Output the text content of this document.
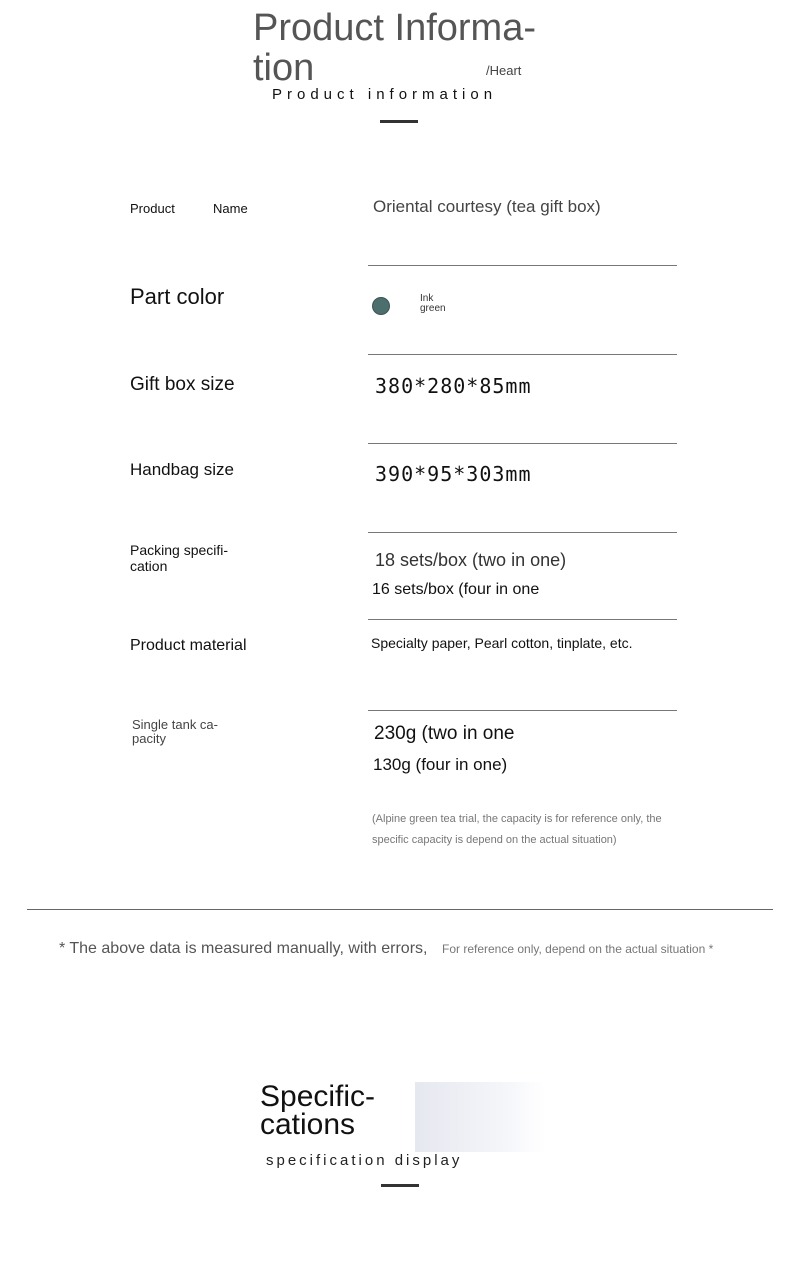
Product Informa- tion	/Heart
Product information
Product	Name	Oriental courtesy (tea gift box)
Part color	Ink green
Gift box size	380*280*85mm
Handbag size	390*95*303mm
Packing specifi- cation	18 sets/box (two in one)
16 sets/box (four in one
Product material	Specialty paper, Pearl cotton, tinplate, etc.
Single tank ca- pacity	230g (two in one
130g (four in one)
(Alpine green tea trial, the capacity is for reference only, the specific capacity is depend on the actual situation)
* The above data is measured manually, with errors, For reference only, depend on the actual situation *
Specific- cations
specification display
